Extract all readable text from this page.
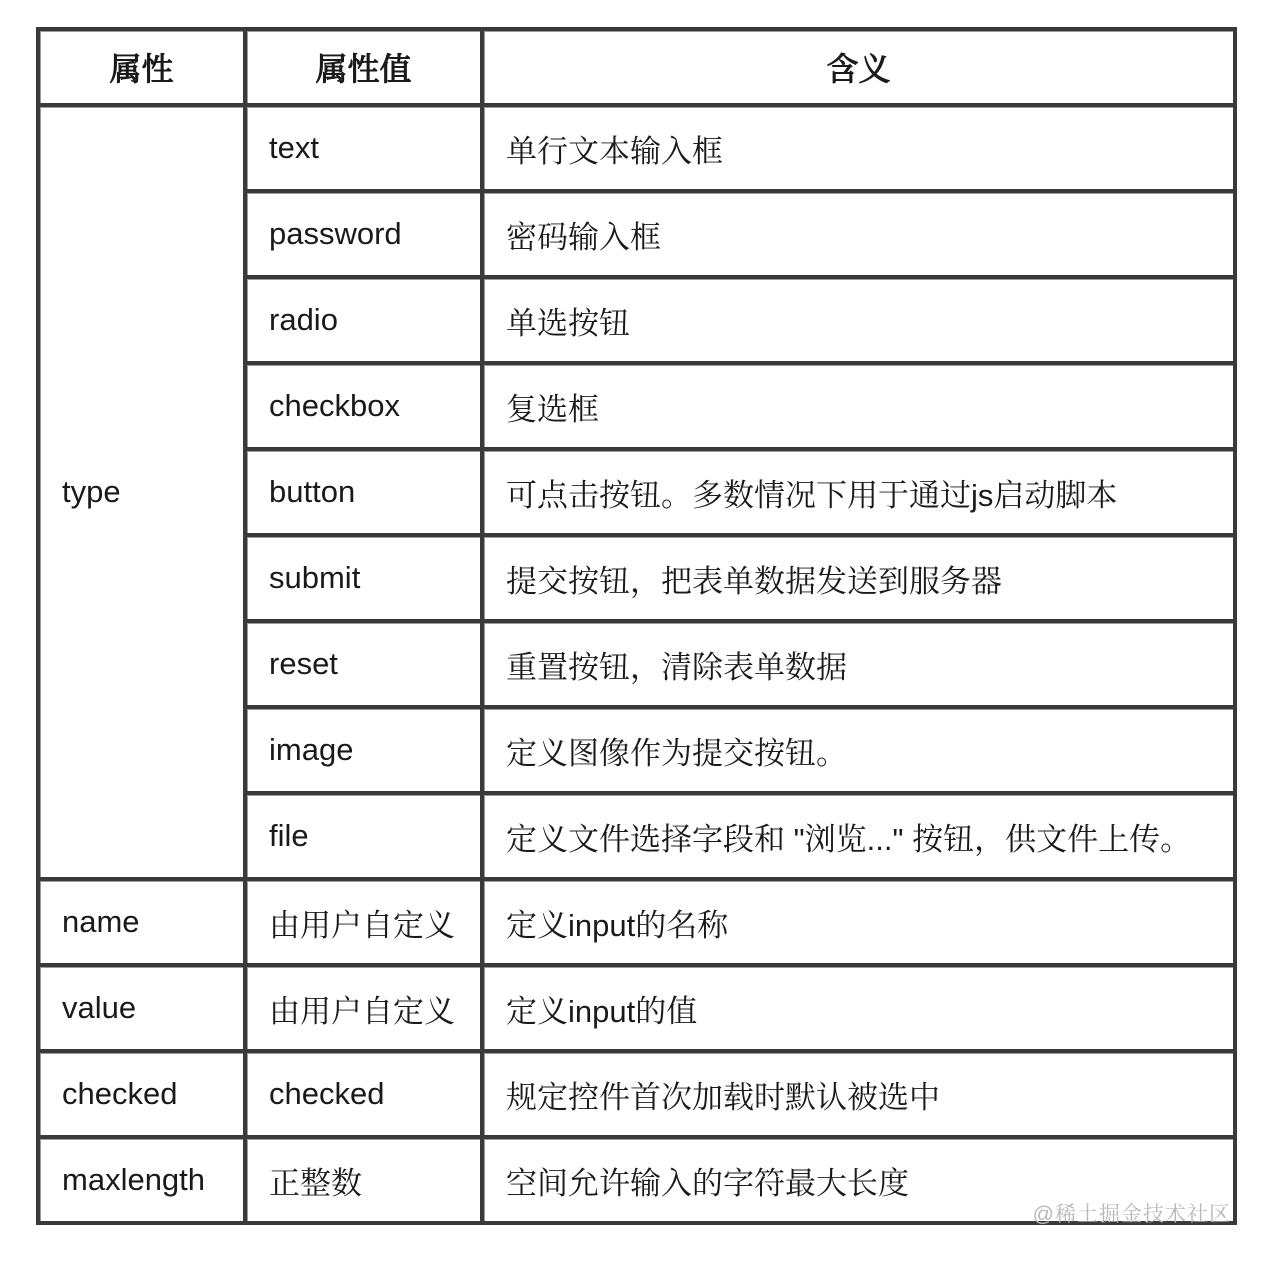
属性	属性值	含义
type	text	单行文本输入框
	password	密码输入框
	radio	单选按钮
	checkbox	复选框
	button	可点击按钮。多数情况下用于通过js启动脚本
	submit	提交按钮，把表单数据发送到服务器
	reset	重置按钮，清除表单数据
	image	定义图像作为提交按钮。
	file	定义文件选择字段和 "浏览..." 按钮，供文件上传。
name	由用户自定义	定义input的名称
value	由用户自定义	定义input的值
checked	checked	规定控件首次加载时默认被选中
maxlength	正整数	空间允许输入的字符最大长度
@稀土掘金技术社区
